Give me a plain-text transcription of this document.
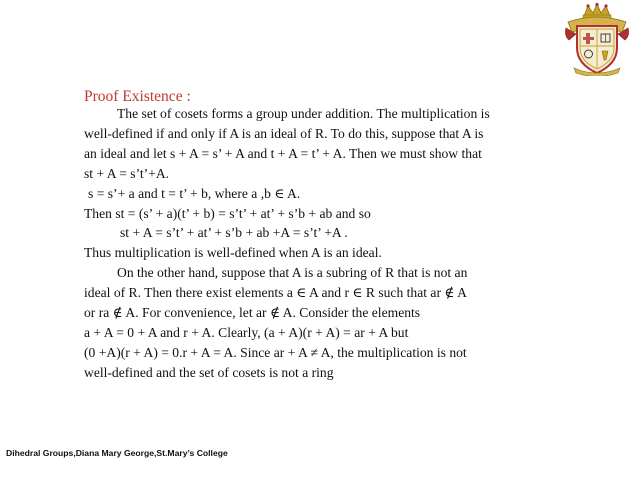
Proof Existence :
The set of cosets forms a group under addition. The multiplication is
well-defined if and only if A is an ideal of R. To do this, suppose that A is
an ideal and let s + A = s’ + A and t + A = t’ + A. Then we must show that
st + A = s’t’+A.
s = s’+ a and t = t’ + b, where a ,b ∈ A.
Then st = (s’ + a)(t’ + b) = s’t’ + at’ + s’b + ab and so
st + A = s’t’ + at’ + s’b + ab +A = s’t’ +A .
Thus multiplication is well-defined when A is an ideal.
On the other hand, suppose that A is a subring of R that is not an
ideal of R. Then there exist elements a ∈ A and r ∈ R such that ar ∉ A
or ra ∉ A. For convenience, let ar ∉ A. Consider the elements
a + A = 0 + A and r + A. Clearly, (a + A)(r + A) = ar + A but
(0 +A)(r + A) = 0.r + A = A. Since ar + A ≠ A, the multiplication is not
well-defined and the set of cosets is not a ring
Dihedral Groups,Diana Mary George,St.Mary’s College
